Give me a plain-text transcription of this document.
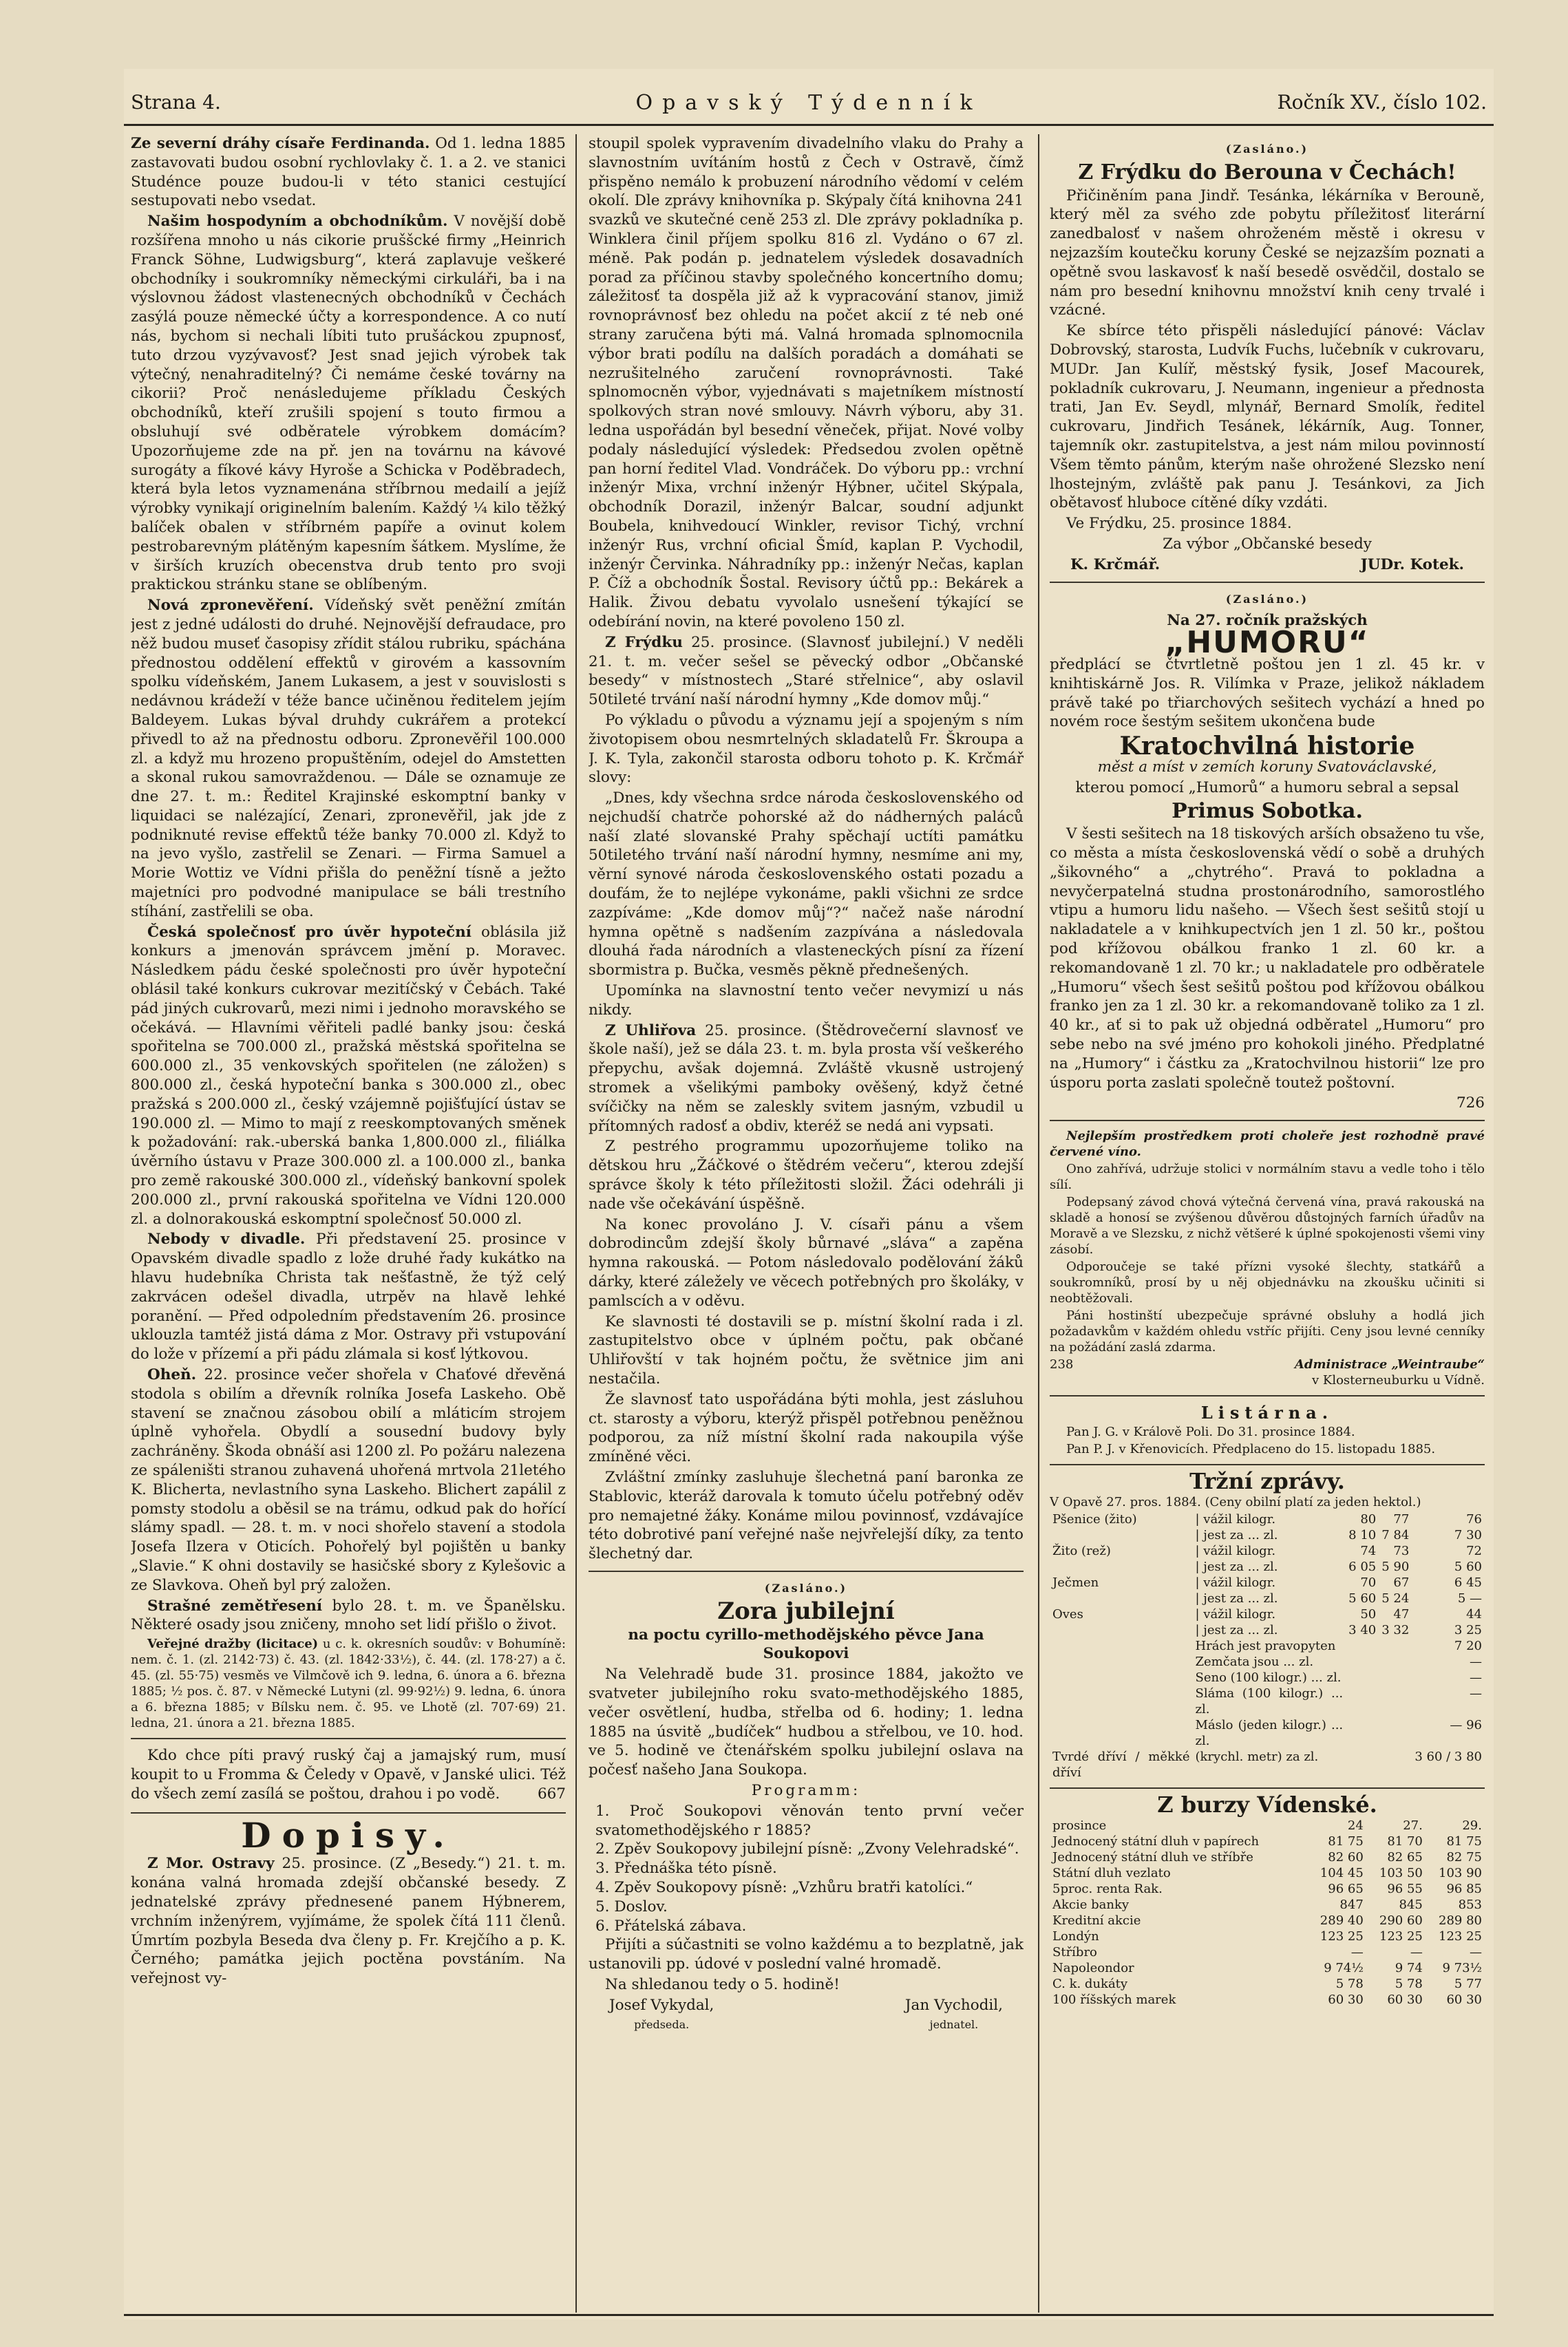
Strana 4.	Opavský Týdenník	Ročník XV., číslo 102.

Ze severní dráhy císaře Ferdinanda. Od 1. ledna 1885 zastavovati budou osobní rychlovlaky č. 1. a 2. ve stanici Studénce pouze budou-li v této stanici cestující sestupovati nebo vsedat.

Našim hospodyním a obchodníkům. V novější době rozšířena mnoho u nás cikorie pruššcké firmy „Heinrich Franck Söhne, Ludwigsburg“, která zaplavuje veškeré obchodníky i soukromníky německými cirkuláři, ba i na výslovnou žádost vlastenecných obchodníků v Čechách zasýlá pouze německé účty a korrespondence. A co nutí nás, bychom si nechali líbiti tuto prušáckou zpupnosť, tuto drzou vyzývavosť? Jest snad jejich výrobek tak výtečný, nenahraditelný? Či nemáme české továrny na cikorii? Proč nenásledujeme příkladu Českých obchodníků, kteří zrušili spojení s touto firmou a obsluhují své odběratele výrobkem domácím? Upozorňujeme zde na př. jen na továrnu na kávové surogáty a fíkové kávy Hyroše a Schicka v Poděbradech, která byla letos vyznamenána stříbrnou medailí a jejíž výrobky vynikají originelním balením. Každý ¼ kilo těžký balíček obalen v stříbrném papíře a ovinut kolem pestrobarevným plátěným kapesním šátkem. Myslíme, že v širších kruzích obecenstva drub tento pro svoji praktickou stránku stane se oblíbeným.

Nová zpronevěření. Vídeňský svět peněžní zmítán jest z jedné události do druhé. Nejnovější defraudace, pro něž budou museť časopisy zřídit stálou rubriku, spáchána přednostou oddělení effektů v girovém a kassovním spolku vídeňském, Janem Lukasem, a jest v souvislosti s nedávnou krádeží v téže bance učiněnou ředitelem jejím Baldeyem. Lukas býval druhdy cukrářem a protekcí přivedl to až na přednostu odboru. Zpronevěřil 100.000 zl. a když mu hrozeno propuštěním, odejel do Amstetten a skonal rukou samovraždenou. — Dále se oznamuje ze dne 27. t. m.: Ředitel Krajinské eskomptní banky v liquidaci se nalézající, Zenari, zpronevěřil, jak jde z podniknuté revise effektů téže banky 70.000 zl. Když to na jevo vyšlo, zastřelil se Zenari. — Firma Samuel a Morie Wottiz ve Vídni přišla do peněžní tísně a ježto majetníci pro podvodné manipulace se báli trestního stíhání, zastřelili se oba.

Česká společnosť pro úvěr hypoteční oblásila již konkurs a jmenován správcem jmění p. Moravec. Následkem pádu české společnosti pro úvěr hypoteční oblásil také konkurs cukrovar mezitíčský v Čebách. Také pád jiných cukrovarů, mezi nimi i jednoho moravského se očekává. — Hlavními věřiteli padlé banky jsou: česká spořitelna se 700.000 zl., pražská městská spořitelna se 600.000 zl., 35 venkovských spořitelen (ne záložen) s 800.000 zl., česká hypoteční banka s 300.000 zl., obec pražská s 200.000 zl., český vzájemně pojišťující ústav se 190.000 zl. — Mimo to mají z reeskomptovaných směnek k požadování: rak.-uberská banka 1,800.000 zl., filiálka úvěrního ústavu v Praze 300.000 zl. a 100.000 zl., banka pro země rakouské 300.000 zl., vídeňský bankovní spolek 200.000 zl., první rakouská spořitelna ve Vídni 120.000 zl. a dolnorakouská eskomptní společnosť 50.000 zl.

Nebody v divadle. Při představení 25. prosince v Opavském divadle spadlo z lože druhé řady kukátko na hlavu hudebníka Christa tak nešťastně, že týž celý zakrvácen odešel divadla, utrpěv na hlavě lehké poranění. — Před odpoledním představením 26. prosince uklouzla tamtéž jistá dáma z Mor. Ostravy při vstupování do lože v přízemí a při pádu zlámala si kosť lýtkovou.

Oheň. 22. prosince večer shořela v Chaťové dřevěná stodola s obilím a dřevník rolníka Josefa Laskeho. Obě stavení se značnou zásobou obilí a mláticím strojem úplně vyhořela. Obydlí a sousední budovy byly zachráněny. Škoda obnáší asi 1200 zl. Po požáru nalezena ze spáleništi stranou zuhavená uhořená mrtvola 21letého K. Blicherta, nevlastního syna Laskeho. Blichert zapálil z pomsty stodolu a oběsil se na trámu, odkud pak do hořící slámy spadl. — 28. t. m. v noci shořelo stavení a stodola Josefa Ilzera v Oticích. Pohořelý byl pojištěn u banky „Slavie.“ K ohni dostavily se hasičské sbory z Kylešovic a ze Slavkova. Oheň byl prý založen.

Strašné zemětřesení bylo 28. t. m. ve Španělsku. Některé osady jsou zničeny, mnoho set lidí přišlo o život.

Veřejné dražby (licitace) u c. k. okresních soudův: v Bohumíně: nem. č. 1. (zl. 2142·73) č. 43. (zl. 1842·33½), č. 44. (zl. 178·27) a č. 45. (zl. 55·75) vesměs ve Vilmčově ich 9. ledna, 6. února a 6. března 1885; ½ pos. č. 87. v Německé Lutyni (zl. 99·92½) 9. ledna, 6. února a 6. března 1885; v Bílsku nem. č. 95. ve Lhotě (zl. 707·69) 21. ledna, 21. února a 21. března 1885.

Kdo chce píti pravý ruský čaj a jamajský rum, musí koupit to u Fromma & Čeledy v Opavě, v Janské ulici. Též do všech zemí zasílá se poštou, drahou i po vodě.	667

Dopisy.

Z Mor. Ostravy 25. prosince. (Z „Besedy.“) 21. t. m. konána valná hromada zdejší občanské besedy. Z jednatelské zprávy přednesené panem Hýbnerem, vrchním inženýrem, vyjímáme, že spolek čítá 111 členů. Úmrtím pozbyla Beseda dva členy p. Fr. Krejčího a p. K. Černého; památka jejich poctěna povstáním. Na veřejnost vy-

stoupil spolek vypravením divadelního vlaku do Prahy a slavnostním uvítáním hostů z Čech v Ostravě, čímž přispěno nemálo k probuzení národního vědomí v celém okolí. Dle zprávy knihovníka p. Skýpaly čítá knihovna 241 svazků ve skutečné ceně 253 zl. Dle zprávy pokladníka p. Winklera činil příjem spolku 816 zl. Vydáno o 67 zl. méně. Pak podán p. jednatelem výsledek dosavadních porad za příčinou stavby společného koncertního domu; záležitosť ta dospěla již až k vypracování stanov, jimiž rovnoprávnosť bez ohledu na počet akcií z té neb oné strany zaručena býti má. Valná hromada splnomocnila výbor brati podílu na dalších poradách a domáhati se nezrušitelného zaručení rovnoprávnosti. Také splnomocněn výbor, vyjednávati s majetníkem místností spolkových stran nové smlouvy. Návrh výboru, aby 31. ledna uspořádán byl besední věneček, přijat. Nové volby podaly následující výsledek: Předsedou zvolen opětně pan horní ředitel Vlad. Vondráček. Do výboru pp.: vrchní inženýr Mixa, vrchní inženýr Hýbner, učitel Skýpala, obchodník Dorazil, inženýr Balcar, soudní adjunkt Boubela, knihvedoucí Winkler, revisor Tichý, vrchní inženýr Rus, vrchní oficial Šmíd, kaplan P. Vychodil, inženýr Červinka. Náhradníky pp.: inženýr Nečas, kaplan P. Číž a obchodník Šostal. Revisory účtů pp.: Bekárek a Halik. Živou debatu vyvolalo usnešení týkající se odebírání novin, na které povoleno 150 zl.

Z Frýdku 25. prosince. (Slavnosť jubilejní.) V neděli 21. t. m. večer sešel se pěvecký odbor „Občanské besedy“ v místnostech „Staré střelnice“, aby oslavil 50tileté trvání naší národní hymny „Kde domov můj.“

Po výkladu o původu a významu její a spojeným s ním životopisem obou nesmrtelných skladatelů Fr. Škroupa a J. K. Tyla, zakončil starosta odboru tohoto p. K. Krčmář slovy:

„Dnes, kdy všechna srdce národa československého od nejchudší chatrče pohorské až do nádherných paláců naší zlaté slovanské Prahy spěchají uctíti památku 50tiletého trvání naší národní hymny, nesmíme ani my, věrní synové národa československého ostati pozadu a doufám, že to nejlépe vykonáme, pakli všichni ze srdce zazpíváme: „Kde domov můj“?“ načež naše národní hymna opětně s nadšením zazpívána a následovala dlouhá řada národních a vlasteneckých písní za řízení sbormistra p. Bučka, vesměs pěkně přednešených.

Upomínka na slavnostní tento večer nevymizí u nás nikdy.

Z Uhliřova 25. prosince. (Štědrovečerní slavnosť ve škole naší), jež se dála 23. t. m. byla prosta vší veškerého přepychu, avšak dojemná. Zvláště vkusně ustrojený stromek a všelikými pamboky ověšený, když četné svíčičky na něm se zaleskly svitem jasným, vzbudil u přítomných radosť a obdiv, kteréž se nedá ani vypsati.

Z pestrého programmu upozorňujeme toliko na dětskou hru „Žáčkové o štědrém večeru“, kterou zdejší správce školy k této příležitosti složil. Žáci odehráli ji nade vše očekávání úspěšně.

Na konec provoláno J. V. císaři pánu a všem dobrodincům zdejší školy bůrnavé „sláva“ a zapěna hymna rakouská. — Potom následovalo podělování žáků dárky, které záležely ve věcech potřebných pro školáky, v pamlscích a v oděvu.

Ke slavnosti té dostavili se p. místní školní rada i zl. zastupitelstvo obce v úplném počtu, pak občané Uhliřovští v tak hojném počtu, že světnice jim ani nestačila.

Že slavnosť tato uspořádána býti mohla, jest zásluhou ct. starosty a výboru, kterýž přispěl potřebnou peněžnou podporou, za níž místní školní rada nakoupila výše zmíněné věci.

Zvláštní zmínky zasluhuje šlechetná paní baronka ze Stablovic, kteráž darovala k tomuto účelu potřebný oděv pro nemajetné žáky. Konáme milou povinnosť, vzdávajíce této dobrotivé paní veřejné naše nejvřelejší díky, za tento šlechetný dar.

(Zasláno.)
Zora jubilejní

na poctu cyrillo-methodějského pěvce Jana Soukopovi

Na Velehradě bude 31. prosince 1884, jakožto ve svatveter jubilejního roku svato-methodějského 1885, večer osvětlení, hudba, střelba od 6. hodiny; 1. ledna 1885 na úsvitě „budíček“ hudbou a střelbou, ve 10. hod. ve 5. hodině ve čtenářském spolku jubilejní oslava na počesť našeho Jana Soukopa.

Programm:

1. Proč Soukopovi věnován tento první večer svatomethodějského r 1885?

2. Zpěv Soukopovy jubilejní písně: „Zvony Velehradské“.

3. Přednáška této písně.

4. Zpěv Soukopovy písně: „Vzhůru bratři katolíci.“

5. Doslov.

6. Přátelská zábava.

Přijíti a súčastniti se volno každému a to bezplatně, jak ustanovili pp. údové v poslední valné hromadě.

Na shledanou tedy o 5. hodině!

Josef Vykydal,
předseda.
Jan Vychodil,
jednatel.
(Zasláno.)
Z Frýdku do Berouna v Čechách!

Přičiněním pana Jindř. Tesánka, lékárníka v Berouně, který měl za svého zde pobytu příležitosť literární zanedbalosť v našem ohroženém městě i okresu v nejzazším koutečku koruny České se nejzazším poznati a opětně svou laskavosť k naší besedě osvědčil, dostalo se nám pro besední knihovnu množství knih ceny trvalé i vzácné.

Ke sbírce této přispěli následující pánové: Václav Dobrovský, starosta, Ludvík Fuchs, lučebník v cukrovaru, MUDr. Jan Kulíř, městský fysik, Josef Macourek, pokladník cukrovaru, J. Neumann, ingenieur a přednosta trati, Jan Ev. Seydl, mlynář, Bernard Smolík, ředitel cukrovaru, Jindřich Tesánek, lékárník, Aug. Tonner, tajemník okr. zastupitelstva, a jest nám milou povinností Všem těmto pánům, kterým naše ohrožené Slezsko není lhostejným, zvláště pak panu J. Tesánkovi, za Jich obětavosť hluboce cítěné díky vzdáti.

Ve Frýdku, 25. prosince 1884.

Za výbor „Občanské besedy

K. Krčmář.	JUDr. Kotek.
(Zasláno.)

Na 27. ročník pražských

„HUMORU“

předplácí se čtvrtletně poštou jen 1 zl. 45 kr. v knihtiskárně Jos. R. Vilímka v Praze, jelikož nákladem právě také po třiarchových sešitech vychází a hned po novém roce šestým sešitem ukončena bude

Kratochvilná historie

měst a míst v zemích koruny Svatováclavské,

kterou pomocí „Humorů“ a humoru sebral a sepsal

Primus Sobotka.

V šesti sešitech na 18 tiskových arších obsaženo tu vše, co města a místa československá vědí o sobě a druhých „šikovného“ a „chytrého“. Pravá to pokladna a nevyčerpatelná studna prostonárodního, samorostlého vtipu a humoru lidu našeho. — Všech šest sešitů stojí u nakladatele a v knihkupectvích jen 1 zl. 50 kr., poštou pod křížovou obálkou franko 1 zl. 60 kr. a rekomandovaně 1 zl. 70 kr.; u nakladatele pro odběratele „Humoru“ všech šest sešitů poštou pod křížovou obálkou franko jen za 1 zl. 30 kr. a rekomandovaně toliko za 1 zl. 40 kr., ať si to pak už objedná odběratel „Humoru“ pro sebe nebo na své jméno pro kohokoli jiného. Předplatné na „Humory“ i částku za „Kratochvilnou historii“ lze pro úsporu porta zaslati společně toutež poštovní.

726

Nejlepším prostředkem proti choleře jest rozhodně pravé červené víno.

Ono zahřívá, udržuje stolici v normálním stavu a vedle toho i tělo sílí.

Podepsaný závod chová výtečná červená vína, pravá rakouská na skladě a honosí se zvýšenou důvěrou důstojných farních úřadův na Moravě a ve Slezsku, z nichž většeré k úplné spokojenosti všemi viny zásobí.

Odporoučeje se také přízni vysoké šlechty, statkářů a soukromníků, prosí by u něj objednávku na zkoušku učiniti si neobtěžovali.

Páni hostinští ubezpečuje správné obsluhy a hodlá jich požadavkům v každém ohledu vstříc přijíti. Ceny jsou levné cenníky na požádání zaslá zdarma.

238	Administrace „Weintraube“

v Klosterneuburku u Vídně.

Listárna.

Pan J. G. v Králově Poli. Do 31. prosince 1884.

Pan P. J. v Křenovicích. Předplaceno do 15. listopadu 1885.

Tržní zprávy.

V Opavě 27. pros. 1884. (Ceny obilní platí za jeden hektol.)

Pšenice (žito)	| vážil kilogr.	80	77	76
	| jest za ... zl.	8 10	7 84	7 30
Žito (rež)	| vážil kilogr.	74	73	72
	| jest za ... zl.	6 05	5 90	5 60
Ječmen	| vážil kilogr.	70	67	6 45
	| jest za ... zl.	5 60	5 24	5 —
Oves	| vážil kilogr.	50	47	44
	| jest za ... zl.	3 40	3 32	3 25
	Hrách jest pravopyten			7 20
	Zemčata jsou ... zl.			—
	Seno (100 kilogr.) ... zl.			—
	Sláma (100 kilogr.) ... zl.			—
	Máslo (jeden kilogr.) ... zl.			— 96
Tvrdé dříví / měkké dříví	(krychl. metr) za zl.			3 60 / 3 80
Z burzy Vídenské.
prosince	24	27.	29.
Jednocený státní dluh v papírech	81 75	81 70	81 75
Jednocený státní dluh ve stříbře	82 60	82 65	82 75
Státní dluh vezlato	104 45	103 50	103 90
5proc. renta Rak.	96 65	96 55	96 85
Akcie banky	847	845	853
Kreditní akcie	289 40	290 60	289 80
Londýn	123 25	123 25	123 25
Stříbro	—	—	—
Napoleondor	9 74½	9 74	9 73½
C. k. dukáty	5 78	5 78	5 77
100 říšských marek	60 30	60 30	60 30
